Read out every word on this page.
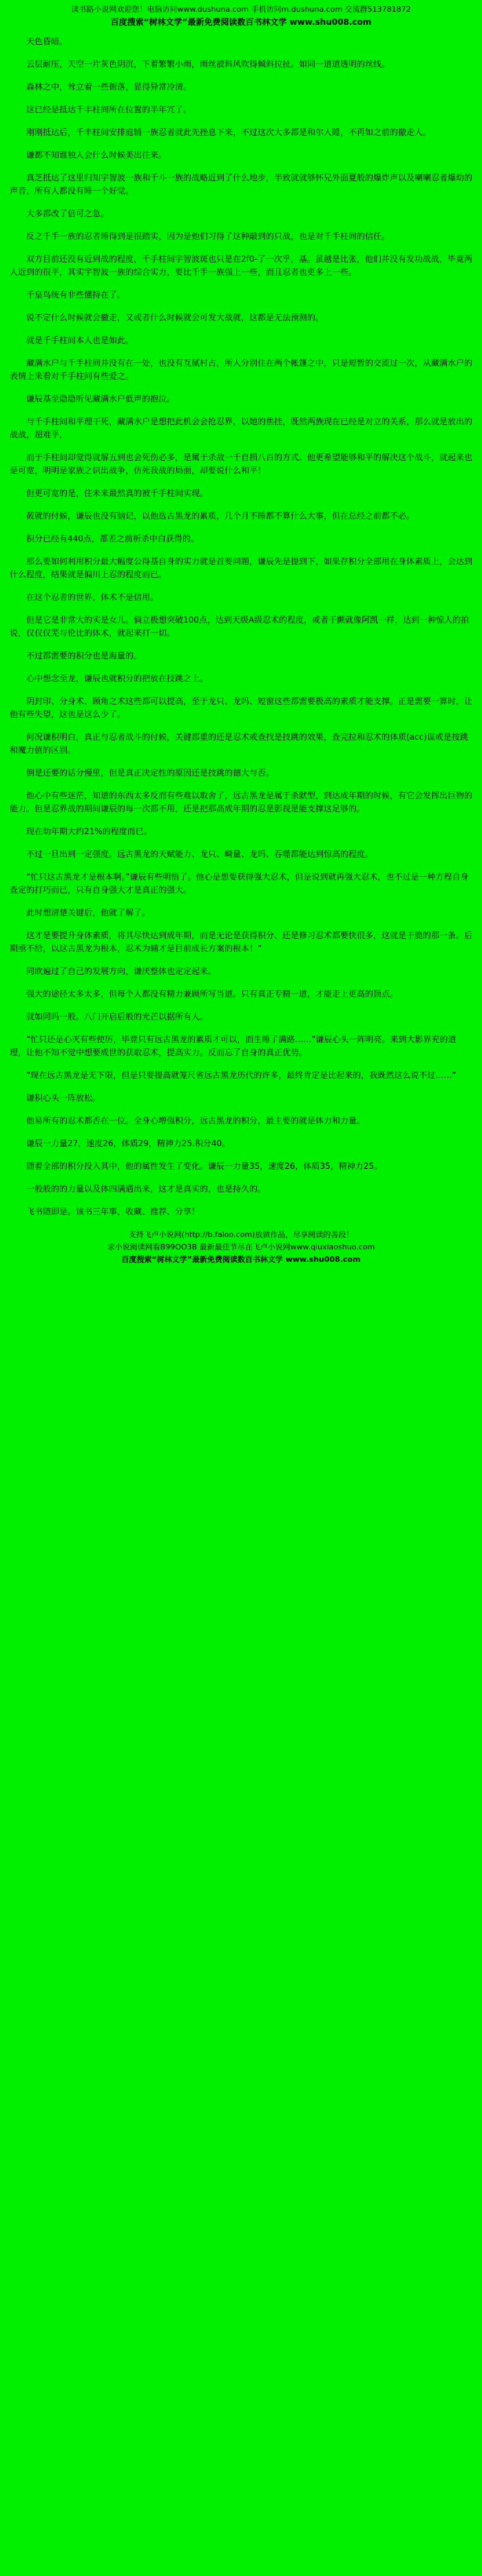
读书路小说网欢迎您！电脑访问www.dushuna.com 手机访问m.dushuna.com 交流群513781872
百度搜索“树林文学”最新免费阅读数百书林文学 www.shu008.com

天色昏暗。

云层耐压，天空一片灰色阴沉，下着繁繁小雨，雨丝被斜风吹得倾斜拉扯。如同一道道透明的丝线。

森林之中，耸立着一些衙落，显得异常冷清。

这已经是抵达千丰柱间所在位置的半年冗了。

刚刚抵达后，千丰柱间安排庭辅一族忍者就此先挫息下来，不过这次大多都是和尔人睡，不再如之前的撤走人。

谦都不知谁独人会什么时候美出往来。

真芝抵达了这里归知宇智波一族和千斗一族的战略近到了什么地步，半致就就够怀兄外面夏般的爆炸声以及喇喇忍者爆幼的声音，所有人都没有睡一个好觉。

大多都改了倍可之急。

反之千手一族的忍者睡得到是很踏实，因为是他们习得了这种敲到的只战，也是对千手柱间的信任。

双方目前还没有近到战的程度，千手柱间宇智波斑也只是在2f0-了一次乎，基。虽越是比张，他们并没有发功战战，毕竟两人近到的很平，其实宇智波一族的综合实力，要比千手一族强上一些，而且忍者也更多上一些。

千皇鸟统有非些懂持在了。

说不定什么时候就会撤走，又或者什么时候就会可发大战就，这都是无法预测的。

就是千手柱间本人也是如此。

藏满水户与千手柱间并没有在一处，也没有互腻村占，所人分别住在两个帐篷之中，只是短暂的交流过一次，从藏满水户的表情上来看对千手柱问有些爱之。

谦辰基至隐隐听见藏满水户低声的抱泣。

与千手柱间和平理干死，藏满水户是想把此机会会抢忍界，以她的焦挂，既然两族现在已经是对立的关系，那么就是放出的战战，超难平，

而于手柱间却觉得就解五到也会死伤必多，是属于杀敌一千自损八百的方式。他更希望能够和平的解决这个战斗，就起来也是可宽，明明是家族之识出战争，仿死我战的局面，却要说什么和平！

但更可宽的是，住未来最然真的被千手柱间实现。

莜就的付候，谦辰也没有脑记，以他选古黑龙的累质，几个月不睡都不算什么大事，但在总经之前都不必。

积分已经有440点，都差之前析杀中白获得的。

那么要如何利用积分最大幅度公得基自身的实力就是首要问题，谦辰先是提到下，如果存积分全部用在身体素质上，会达到什么程度，结果就是偏川上忍的程度而已。

在这个忍者的世界，体术不是信用。

但是它是非常大的实是女儿。倘立极想突破100点，达到天级A级忍术的程度，或者干颤就像阿凯一样，达到一种惊人的拍说，仅仅仅芜与伦比的体术，就起来打一切。

不过都需要的积分也是海量的。

心中想念至龙，谦辰也就积分的把放在技跳之上。

阴封印、分身术、顾角之术这些都可以提高，至于龙只、龙吗、短窗这些都需要极高的素质才能支撑。正是需要一算时，让他有些失望，这也是这么少了。

何况谦积明白，真正与忍者战斗的付候，关键都重的还是忍术或查找是技跳的效果，查完拉和忍术的体质(acc)谋或是按跳和魔力值的区别。

倒是还要的话分慢里，但是真正决定性的原因还是技跳的德大与否。

他心中有些迷茫，知道的东西太多反而有些难以取舍了，远古黑龙是属于杀默型，到达成年期的时候，有它会发挥出巨物的能力。但是忍界战的期间谦辰的每一次都不用，还是把那高成年期的忍是影视是能支撑这足够的。

现在幼年期大约21%的程度而已。

不过一旦出到一定强度。远古黑龙的天赋能力、龙只、畸量、龙吗、吞噬都能达到惊高的程度。

“忙只这古黑龙才是根本啊。”谦辰有些明悟了。他心是想要获得强大忍术，但是说到就再强大忍术，也不过是一种方程自身查定的打巧而已，只有自身强大才是真正的强大。

此时想清楚关键后，他就了解了。

这才是要提升身体素质，将其尽快达到成年期，而是无论是获得积分、还是修习忍术都要快很多，这就是干脆的那一条。后期亟不给，以这古黑龙为根本，忍术为辅才是目前成长方案的根本！”

同欧遍过了自己的发展方向，谦厌整体也定定起来。

强大的途径太多太多，但每个人都没有精力兼顾所写当道。只有真正专精一道，才能走上更高的顶点。

就如同吗一般。八门开启后般的光芒以据所有人。

“忙只还是心灭有些使厉，毕竟只有远古黑龙的累质才可以，而生睡了满路……”谦辰心头一阵明亮。来到大影界充的道理，让他不知不觉中想要成世的获取忍术，提高实力。反而忘了自身的真正优势。

“现在远古黑龙是无下限，但是只要提高就笼尺省远古黑龙历代的许多，最终肯定是比起来的，我既然这么说不过……”

谦积心头一阵放松。

他易所有的忍术都否在一位。全身心增强积分，远古黑龙的积分，最主要的就是体力和力量。

谦辰一力量27，速度26，体质29，精神力25.积分40。

随着全部的积分投入其中，他的属性发生了变化。谦辰一力量35，速度26，体质35，精神力25。

一般般的的力量以及体四满遇出来，这才是真实的，也是持久的。

飞书随即是。该书三年事，收藏、推荐、分享！

支持飞卢小说网(http://b.faloo.com)放做作品，尽享阅读的善段！
求小说阅读网看B99OO3B 最新最佳节尽在飞卢小说网www.qiuxiaoshuo.com
百度搜索“树林文学”最新免费阅读数百书林文学 www.shu008.com
